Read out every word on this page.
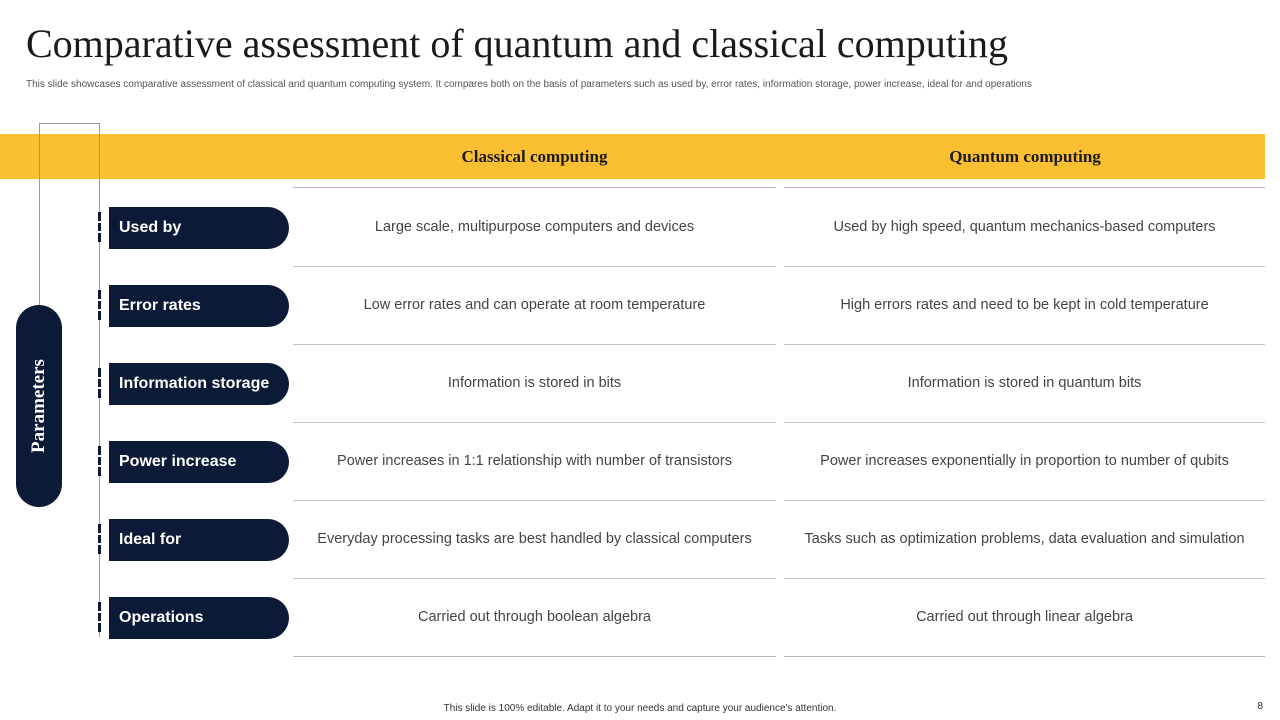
Comparative assessment of quantum and classical computing
This slide showcases comparative assessment of classical and quantum computing system. It compares both on the basis of parameters such as used by, error rates, information storage, power increase, ideal for and operations
Classical computing	Quantum computing
Parameters
Used by	Large scale, multipurpose computers and devices	Used by high speed, quantum mechanics-based computers
Error rates	Low error rates and can operate at room temperature	High errors rates and need to be kept in cold temperature
Information storage	Information is stored in bits	Information is stored in quantum bits
Power increase	Power increases in 1:1 relationship with number of transistors	Power increases exponentially in proportion to number of qubits
Ideal for	Everyday processing tasks are best handled by classical computers	Tasks such as optimization problems, data evaluation and simulation
Operations	Carried out through boolean algebra	Carried out through linear algebra
This slide is 100% editable. Adapt it to your needs and capture your audience's attention.	8
